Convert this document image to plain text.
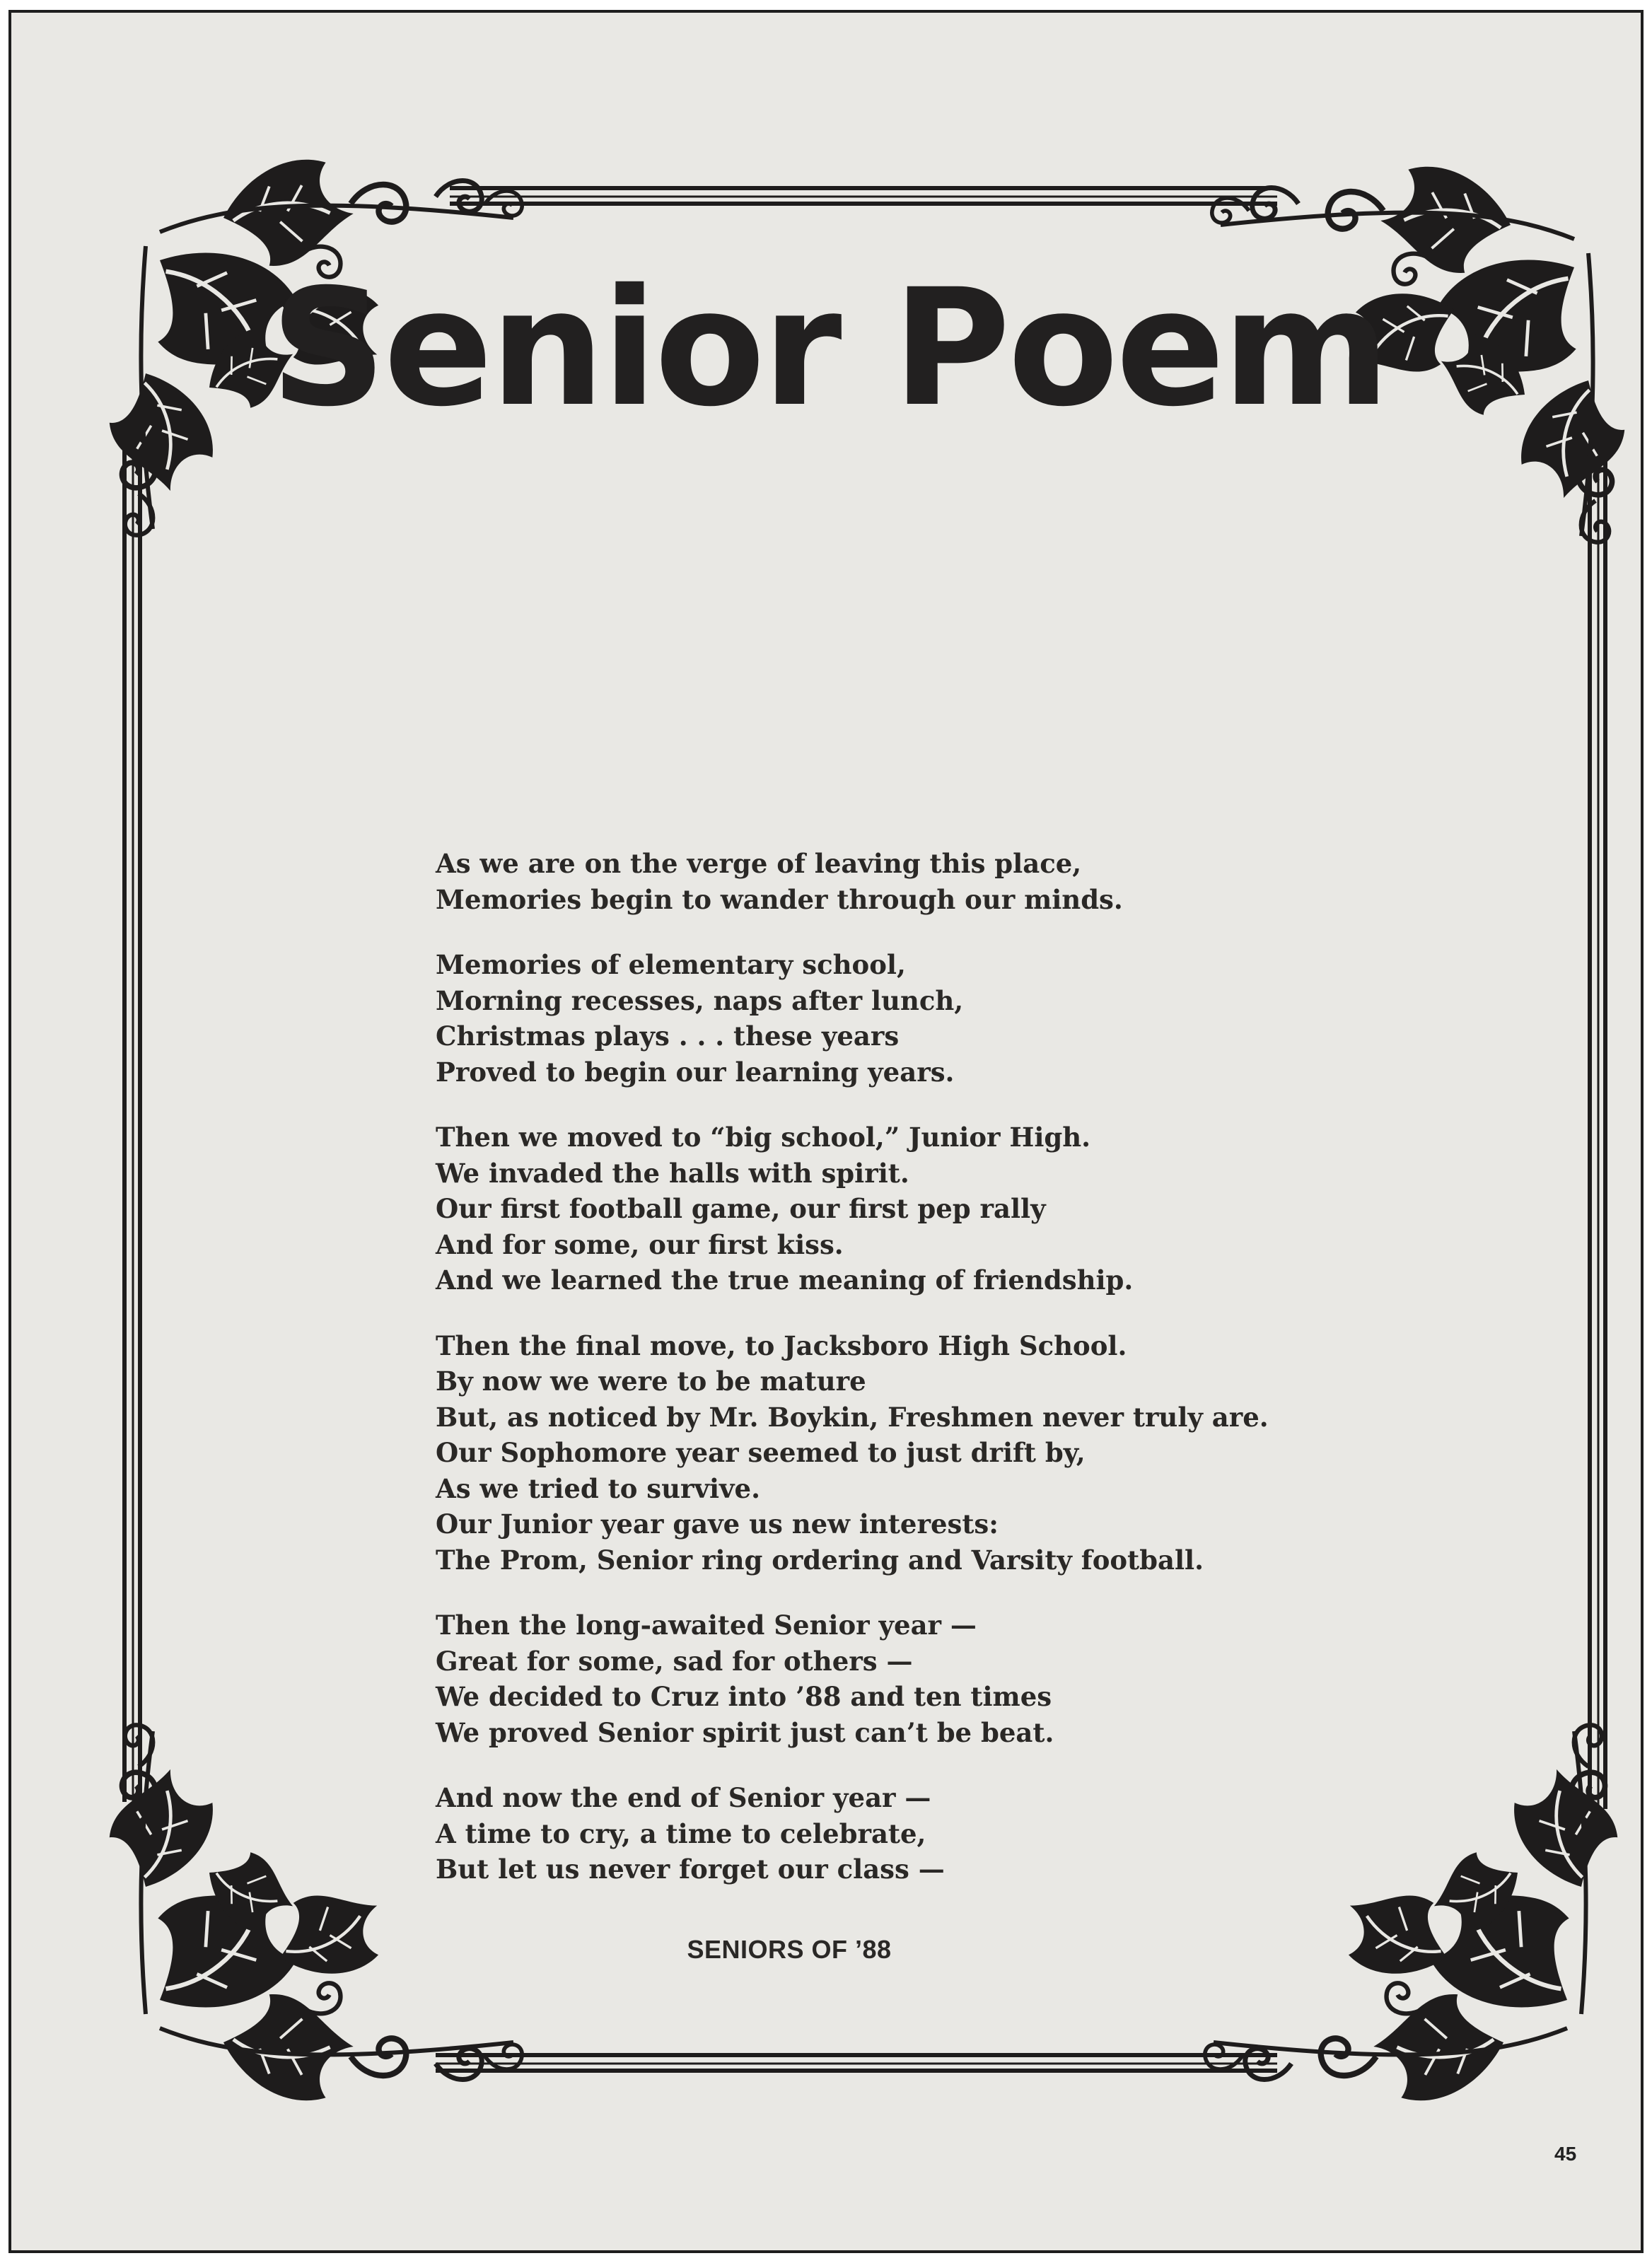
Senior Poem
As we are on the verge of leaving this place,
Memories begin to wander through our minds.
Memories of elementary school,
Morning recesses, naps after lunch,
Christmas plays . . . these years
Proved to begin our learning years.
Then we moved to “big school,” Junior High.
We invaded the halls with spirit.
Our first football game, our first pep rally
And for some, our first kiss.
And we learned the true meaning of friendship.
Then the final move, to Jacksboro High School.
By now we were to be mature
But, as noticed by Mr. Boykin, Freshmen never truly are.
Our Sophomore year seemed to just drift by,
As we tried to survive.
Our Junior year gave us new interests:
The Prom, Senior ring ordering and Varsity football.
Then the long-awaited Senior year —
Great for some, sad for others —
We decided to Cruz into ’88 and ten times
We proved Senior spirit just can’t be beat.
And now the end of Senior year —
A time to cry, a time to celebrate,
But let us never forget our class —
SENIORS OF ’88
45
